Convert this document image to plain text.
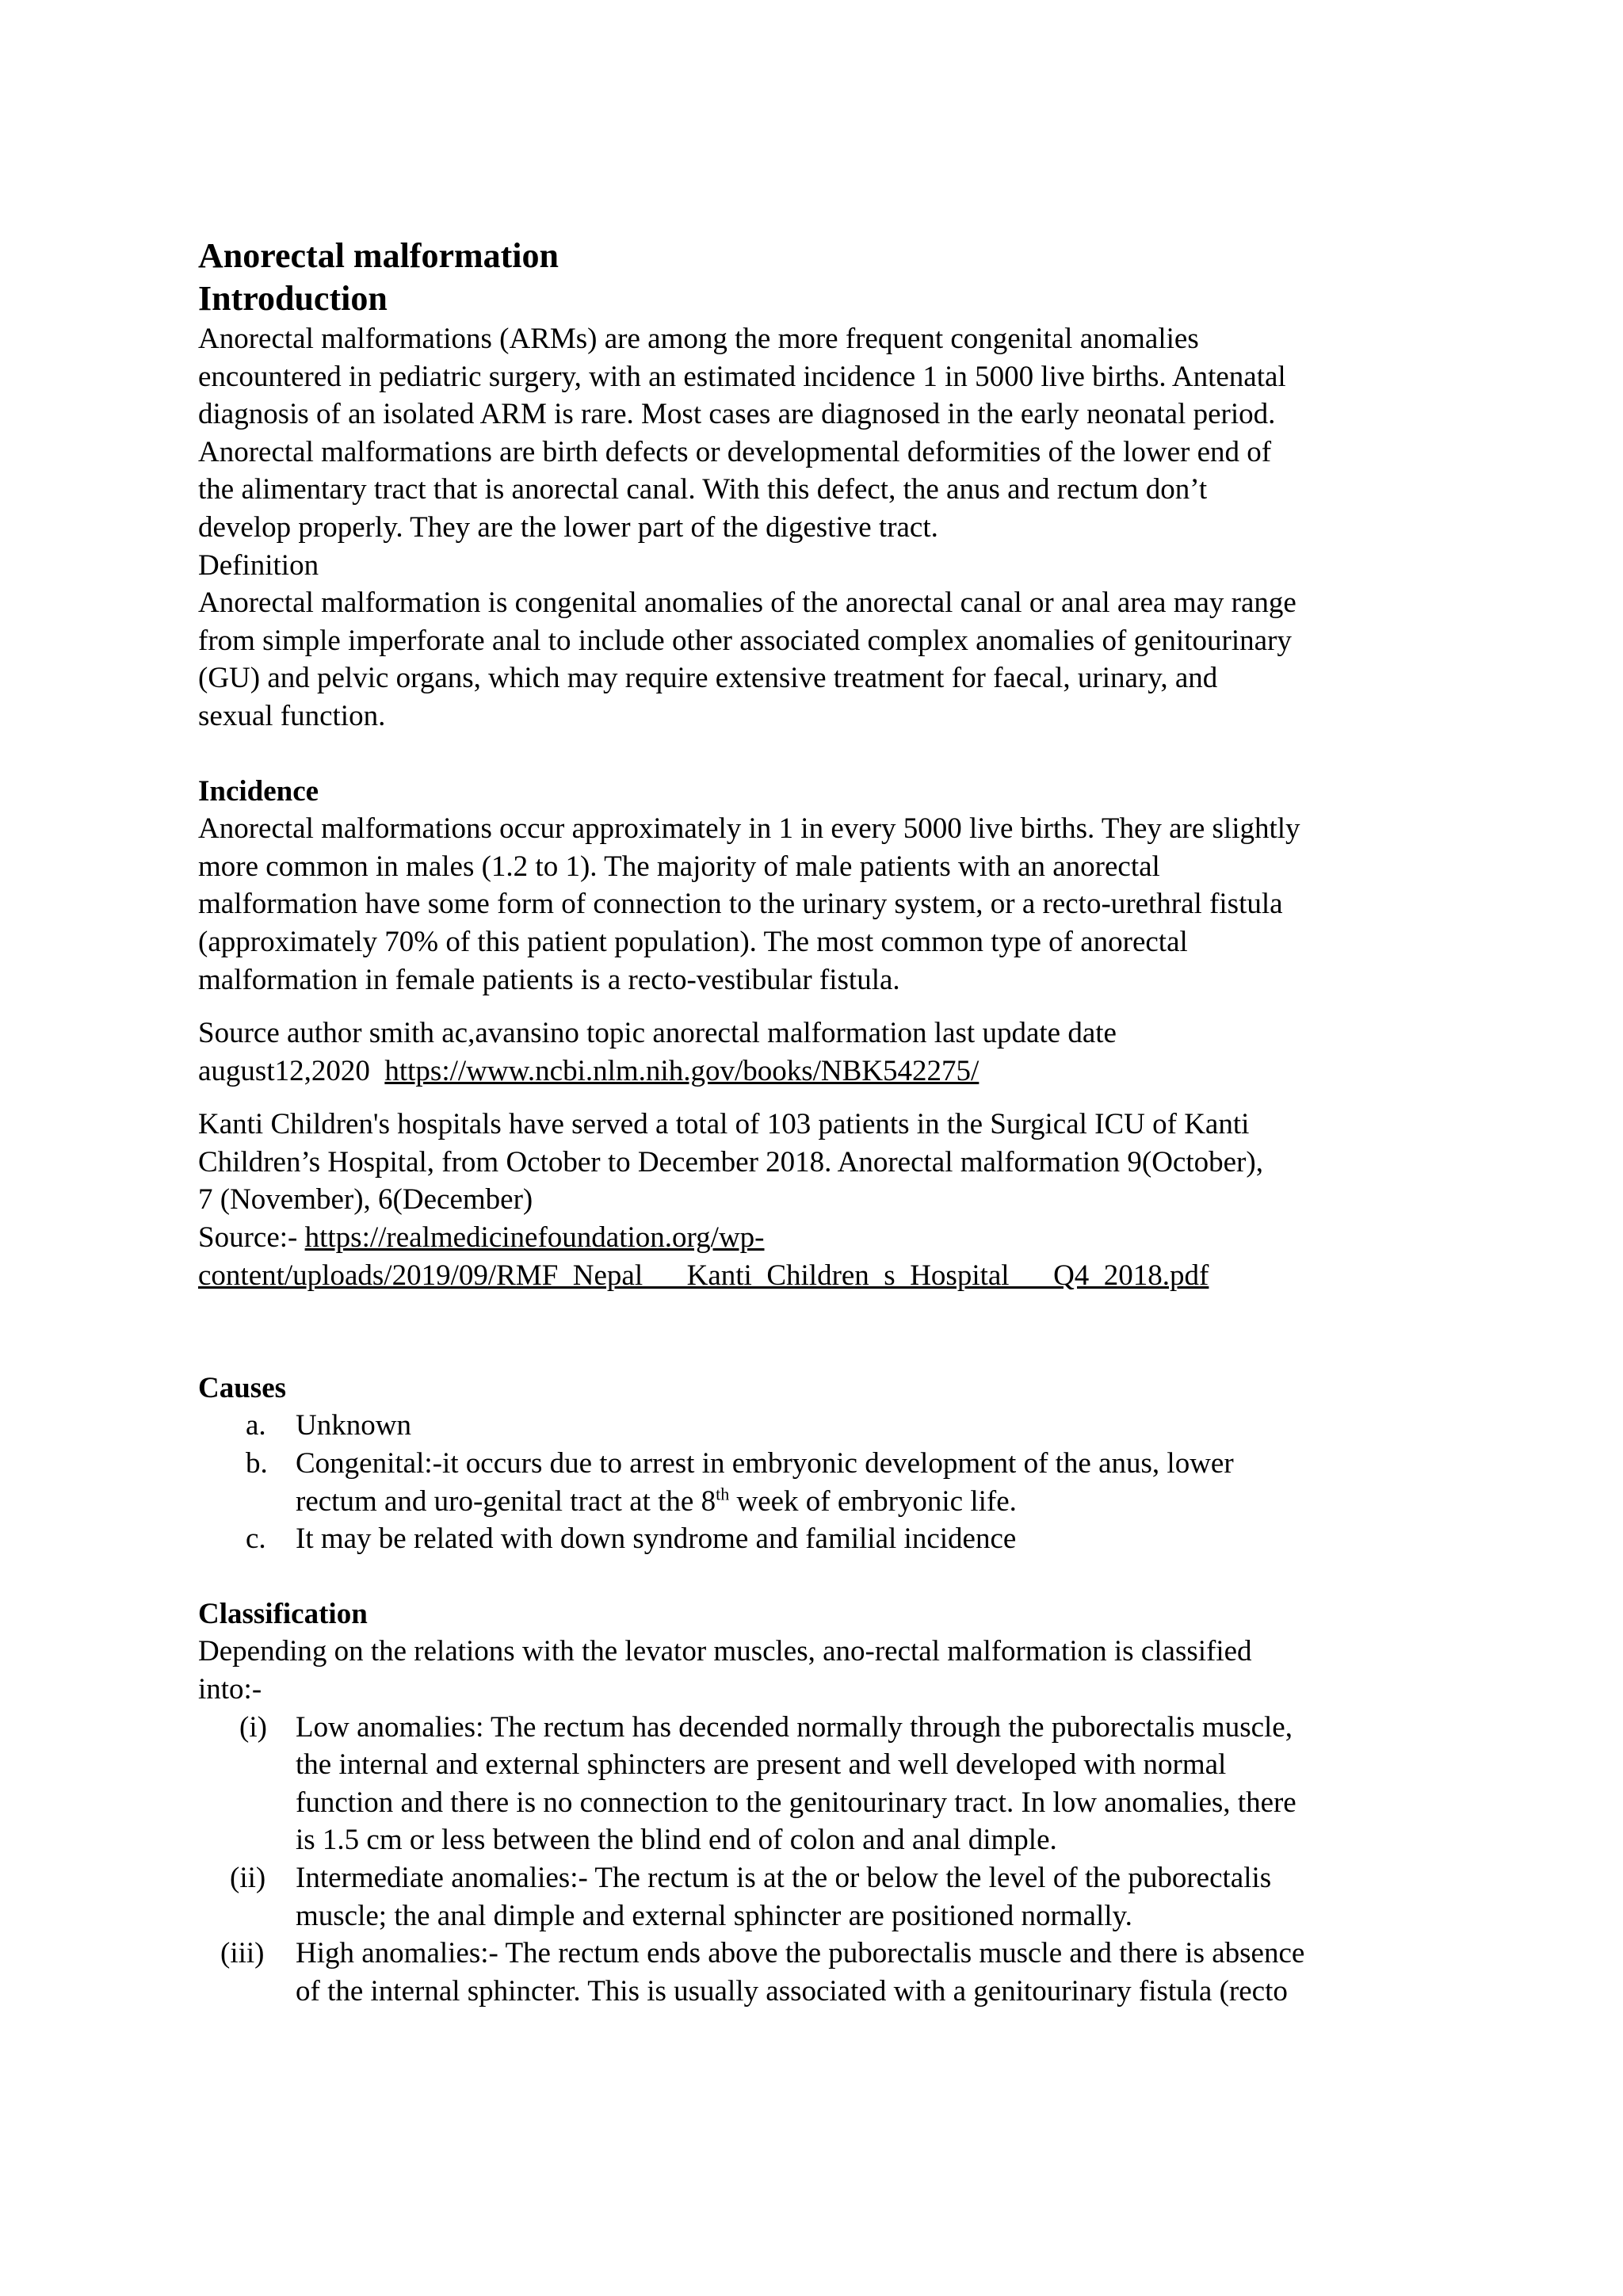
Anorectal malformation
Introduction
Anorectal malformations (ARMs) are among the more frequent congenital anomalies
encountered in pediatric surgery, with an estimated incidence 1 in 5000 live births. Antenatal
diagnosis of an isolated ARM is rare. Most cases are diagnosed in the early neonatal period.
Anorectal malformations are birth defects or developmental deformities of the lower end of
the alimentary tract that is anorectal canal. With this defect, the anus and rectum don’t
develop properly. They are the lower part of the digestive tract.
Definition
Anorectal malformation is congenital anomalies of the anorectal canal or anal area may range
from simple imperforate anal to include other associated complex anomalies of genitourinary
(GU) and pelvic organs, which may require extensive treatment for faecal, urinary, and
sexual function.
Incidence
Anorectal malformations occur approximately in 1 in every 5000 live births. They are slightly
more common in males (1.2 to 1). The majority of male patients with an anorectal
malformation have some form of connection to the urinary system, or a recto-urethral fistula
(approximately 70% of this patient population). The most common type of anorectal
malformation in female patients is a recto-vestibular fistula.
Source author smith ac,avansino topic anorectal malformation last update date
august12,2020  https://www.ncbi.nlm.nih.gov/books/NBK542275/
Kanti Children's hospitals have served a total of 103 patients in the Surgical ICU of Kanti
Children’s Hospital, from October to December 2018. Anorectal malformation 9(October),
7 (November), 6(December)
Source:- https://realmedicinefoundation.org/wp-
content/uploads/2019/09/RMF_Nepal___Kanti_Children_s_Hospital___Q4_2018.pdf
Causes
a. Unknown
b. Congenital:-it occurs due to arrest in embryonic development of the anus, lower
rectum and uro-genital tract at the 8th week of embryonic life.
c. It may be related with down syndrome and familial incidence
Classification
Depending on the relations with the levator muscles, ano-rectal malformation is classified
into:-
(i) Low anomalies: The rectum has decended normally through the puborectalis muscle,
the internal and external sphincters are present and well developed with normal
function and there is no connection to the genitourinary tract. In low anomalies, there
is 1.5 cm or less between the blind end of colon and anal dimple.
(ii) Intermediate anomalies:- The rectum is at the or below the level of the puborectalis
muscle; the anal dimple and external sphincter are positioned normally.
(iii) High anomalies:- The rectum ends above the puborectalis muscle and there is absence
of the internal sphincter. This is usually associated with a genitourinary fistula (recto
